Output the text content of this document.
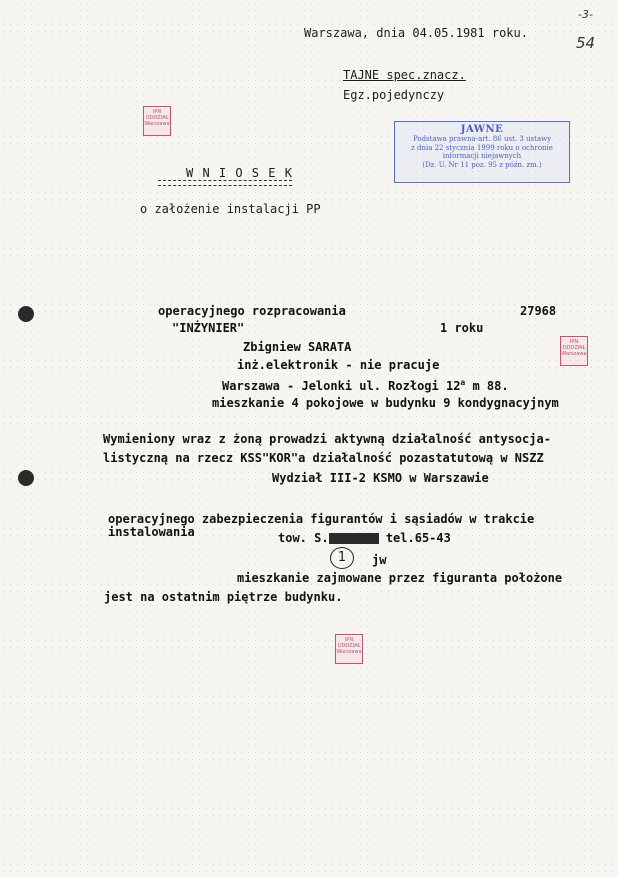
-3-
54
Warszawa, dnia 04.05.1981 roku.
TAJNE spec.znacz.
Egz.pojedynczy
IPN
ODDZIAŁ
Warszawa
IPN
ODDZIAŁ
Warszawa
IPN
ODDZIAŁ
Warszawa
JAWNE
Podstawa prawna-art. 86 ust. 3 ustawy
z dnia 22 stycznia 1999 roku o ochronie
informacji niejawnych
(Dz. U. Nr 11 poz. 95 z późn. zm.)
W N I O S E K
o założenie instalacji PP
operacyjnego rozpracowania	27968
"INŻYNIER"	1 roku
Zbigniew SARATA
inż.elektronik - nie pracuje
Warszawa - Jelonki ul. Rozłogi 12$^a$ m 88.
mieszkanie 4 pokojowe w budynku 9 kondygnacyjnym
Wymieniony wraz z żoną prowadzi aktywną działalność antysocja-
listyczną na rzecz KSS"KOR"a działalność pozastatutową w NSZZ
Wydział III-2 KSMO w Warszawie
operacyjnego zabezpieczenia figurantów i sąsiadów w trakcie
instalowania	tow. S.	tel.65-43
1	jw
mieszkanie zajmowane przez figuranta położone
jest na ostatnim piętrze budynku.
